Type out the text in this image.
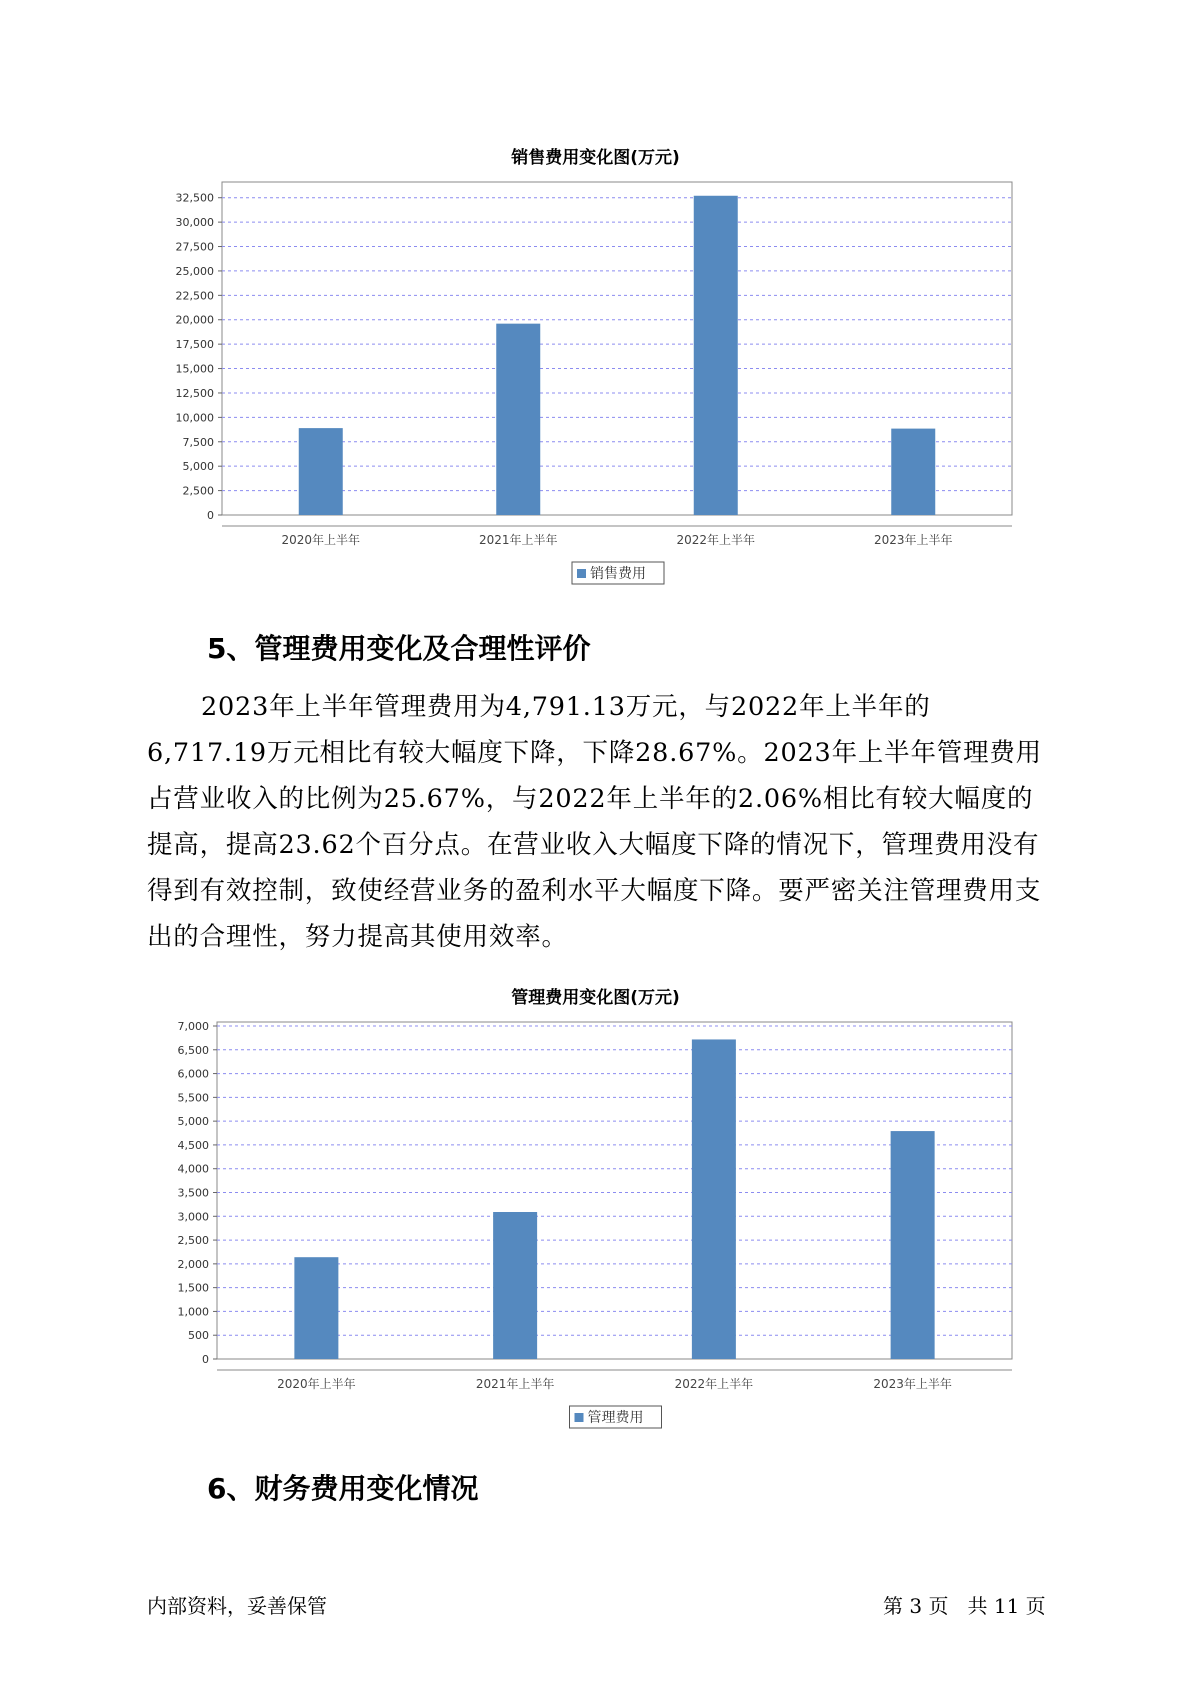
销售费用变化图(万元)
0
2,500
5,000
7,500
10,000
12,500
15,000
17,500
20,000
22,500
25,000
27,500
30,000
32,500
2020年上半年	2021年上半年	2022年上半年	2023年上半年
销售费用
5、管理费用变化及合理性评价

2023年上半年管理费用为4,791.13万元，与2022年上半年的6,717.19万元相比有较大幅度下降，下降28.67%。2023年上半年管理费用占营业收入的比例为25.67%，与2022年上半年的2.06%相比有较大幅度的提高，提高23.62个百分点。在营业收入大幅度下降的情况下，管理费用没有得到有效控制，致使经营业务的盈利水平大幅度下降。要严密关注管理费用支出的合理性，努力提高其使用效率。

管理费用变化图(万元)
0
500
1,000
1,500
2,000
2,500
3,000
3,500
4,000
4,500
5,000
5,500
6,000
6,500
7,000
2020年上半年	2021年上半年	2022年上半年	2023年上半年
管理费用
6、财务费用变化情况
内部资料，妥善保管	第 3 页   共 11 页
